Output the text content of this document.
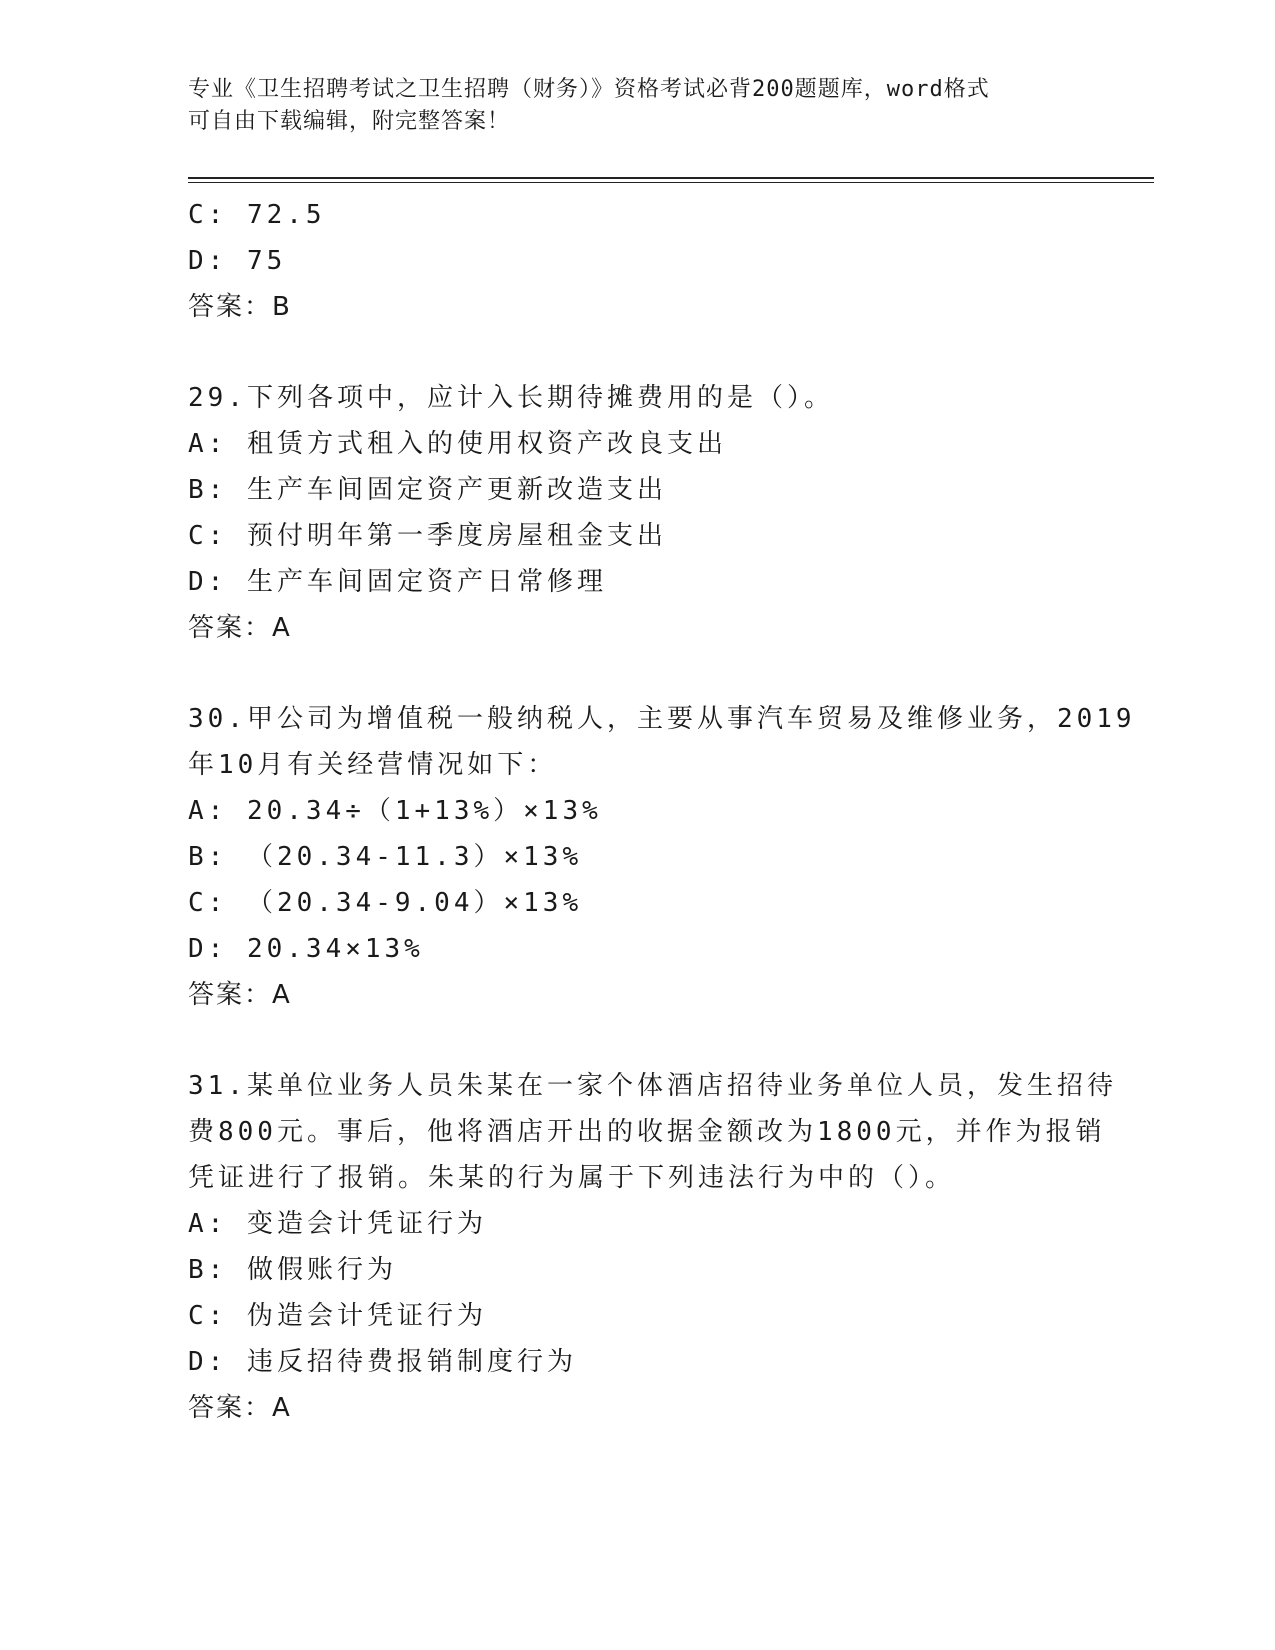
专业《卫生招聘考试之卫生招聘（财务）》资格考试必背200题题库，word格式
可自由下载编辑，附完整答案！
C: 72.5
D: 75
答案：B
29.下列各项中，应计入长期待摊费用的是（）。
A: 租赁方式租入的使用权资产改良支出
B: 生产车间固定资产更新改造支出
C: 预付明年第一季度房屋租金支出
D: 生产车间固定资产日常修理
答案：A
30.甲公司为增值税一般纳税人，主要从事汽车贸易及维修业务，2019
年10月有关经营情况如下：
A: 20.34÷（1+13%）×13%
B: （20.34-11.3）×13%
C: （20.34-9.04）×13%
D: 20.34×13%
答案：A
31.某单位业务人员朱某在一家个体酒店招待业务单位人员，发生招待
费800元。事后，他将酒店开出的收据金额改为1800元，并作为报销
凭证进行了报销。朱某的行为属于下列违法行为中的（）。
A: 变造会计凭证行为
B: 做假账行为
C: 伪造会计凭证行为
D: 违反招待费报销制度行为
答案：A
